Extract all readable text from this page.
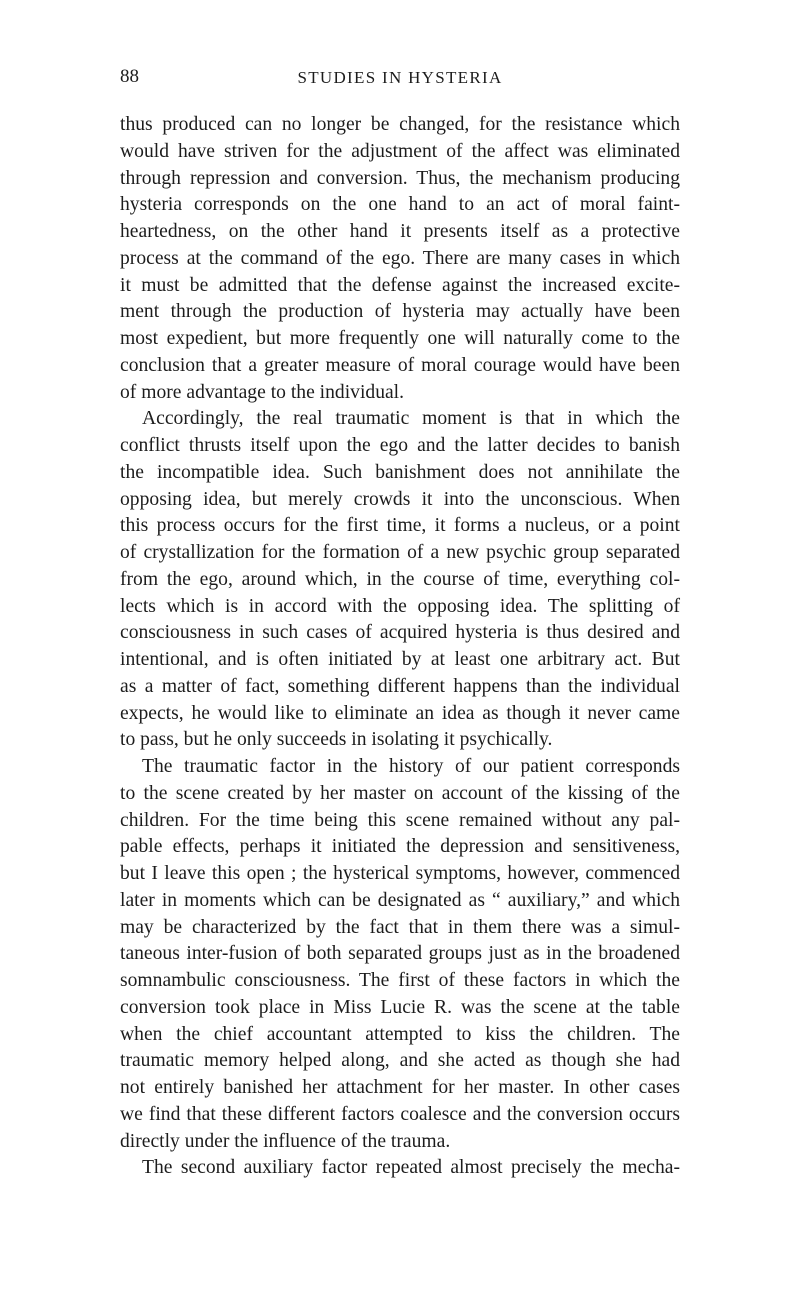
88	STUDIES IN HYSTERIA
thus produced can no longer be changed, for the resistance which
would have striven for the adjustment of the affect was eliminated
through repression and conversion. Thus, the mechanism producing
hysteria corresponds on the one hand to an act of moral faint-
heartedness, on the other hand it presents itself as a protective
process at the command of the ego. There are many cases in which
it must be admitted that the defense against the increased excite-
ment through the production of hysteria may actually have been
most expedient, but more frequently one will naturally come to the
conclusion that a greater measure of moral courage would have been
of more advantage to the individual.
Accordingly, the real traumatic moment is that in which the
conflict thrusts itself upon the ego and the latter decides to banish
the incompatible idea. Such banishment does not annihilate the
opposing idea, but merely crowds it into the unconscious. When
this process occurs for the first time, it forms a nucleus, or a point
of crystallization for the formation of a new psychic group separated
from the ego, around which, in the course of time, everything col-
lects which is in accord with the opposing idea. The splitting of
consciousness in such cases of acquired hysteria is thus desired and
intentional, and is often initiated by at least one arbitrary act. But
as a matter of fact, something different happens than the individual
expects, he would like to eliminate an idea as though it never came
to pass, but he only succeeds in isolating it psychically.
The traumatic factor in the history of our patient corresponds
to the scene created by her master on account of the kissing of the
children. For the time being this scene remained without any pal-
pable effects, perhaps it initiated the depression and sensitiveness,
but I leave this open ; the hysterical symptoms, however, commenced
later in moments which can be designated as “ auxiliary,” and which
may be characterized by the fact that in them there was a simul-
taneous inter-fusion of both separated groups just as in the broadened
somnambulic consciousness. The first of these factors in which the
conversion took place in Miss Lucie R. was the scene at the table
when the chief accountant attempted to kiss the children. The
traumatic memory helped along, and she acted as though she had
not entirely banished her attachment for her master. In other cases
we find that these different factors coalesce and the conversion occurs
directly under the influence of the trauma.
The second auxiliary factor repeated almost precisely the mecha-
